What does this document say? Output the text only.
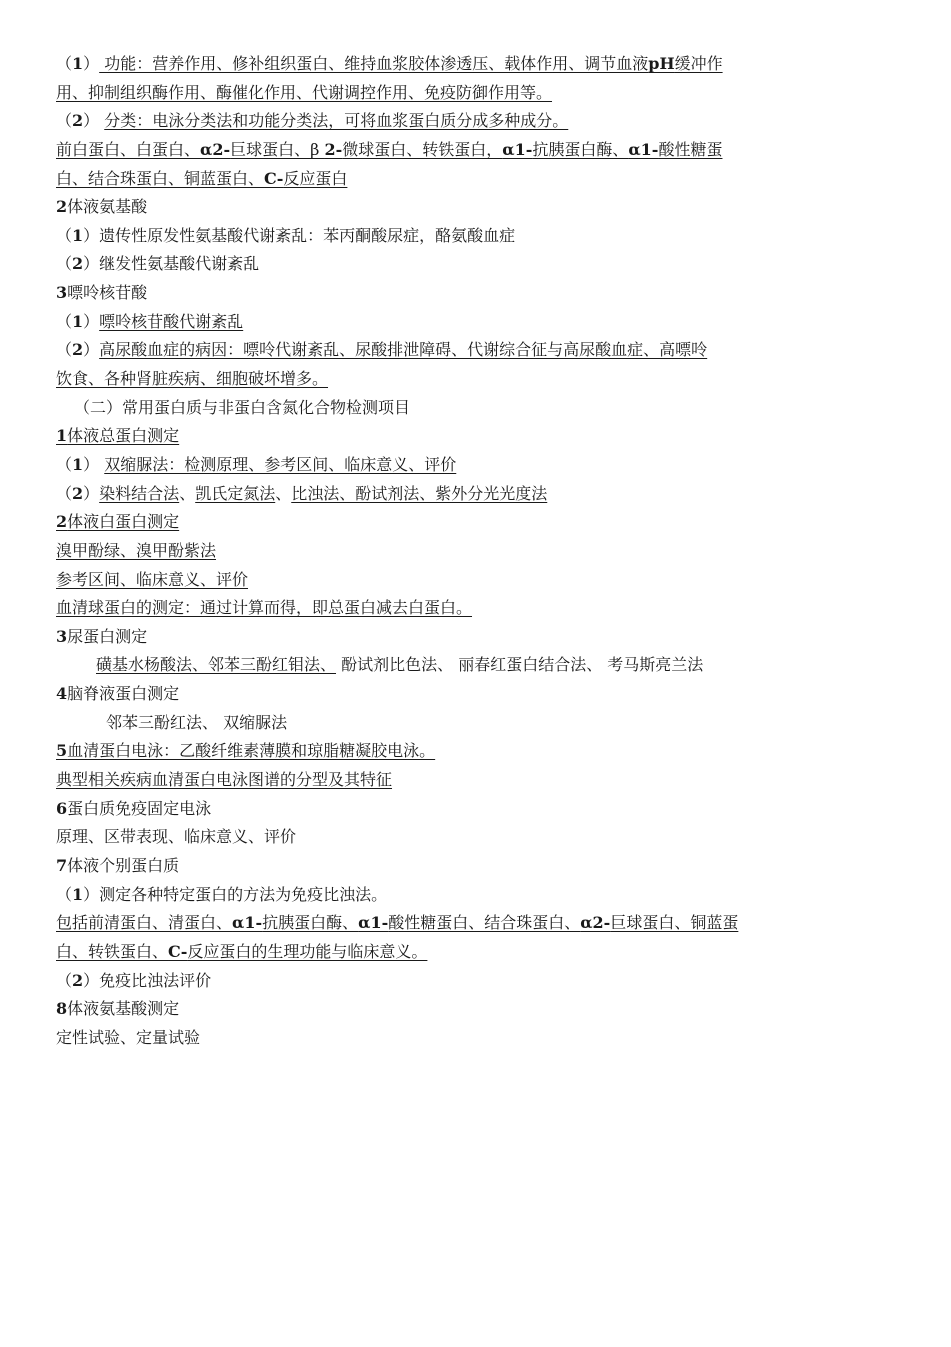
（1） 功能：营养作用、修补组织蛋白、维持血浆胶体渗透压、载体作用、调节血液pH缓冲作
用、抑制组织酶作用、酶催化作用、代谢调控作用、免疫防御作用等。
（2） 分类：电泳分类法和功能分类法，可将血浆蛋白质分成多种成分。
前白蛋白、白蛋白、α2-巨球蛋白、β 2-微球蛋白、转铁蛋白，α1-抗胰蛋白酶、α1-酸性糖蛋
白、结合珠蛋白、铜蓝蛋白、C-反应蛋白
2体液氨基酸
（1）遗传性原发性氨基酸代谢紊乱：苯丙酮酸尿症，酪氨酸血症
（2）继发性氨基酸代谢紊乱
3嘌呤核苷酸
（1）嘌呤核苷酸代谢紊乱
（2）高尿酸血症的病因：嘌呤代谢紊乱、尿酸排泄障碍、代谢综合征与高尿酸血症、高嘌呤
饮食、各种肾脏疾病、细胞破坏增多。
（二）常用蛋白质与非蛋白含氮化合物检测项目
1体液总蛋白测定
（1） 双缩脲法：检测原理、参考区间、临床意义、评价
（2）染料结合法、凯氏定氮法、比浊法、酚试剂法、紫外分光光度法
2体液白蛋白测定
溴甲酚绿、溴甲酚紫法
参考区间、临床意义、评价
血清球蛋白的测定：通过计算而得，即总蛋白减去白蛋白。
3尿蛋白测定
磺基水杨酸法、邻苯三酚红钼法、 酚试剂比色法、 丽春红蛋白结合法、 考马斯亮兰法
4脑脊液蛋白测定
邻苯三酚红法、 双缩脲法
5血清蛋白电泳：乙酸纤维素薄膜和琼脂糖凝胶电泳。
典型相关疾病血清蛋白电泳图谱的分型及其特征
6蛋白质免疫固定电泳
原理、区带表现、临床意义、评价
7体液个别蛋白质
（1）测定各种特定蛋白的方法为免疫比浊法。
包括前清蛋白、清蛋白、α1-抗胰蛋白酶、α1-酸性糖蛋白、结合珠蛋白、α2-巨球蛋白、铜蓝蛋
白、转铁蛋白、C-反应蛋白的生理功能与临床意义。
（2）免疫比浊法评价
8体液氨基酸测定
定性试验、定量试验
